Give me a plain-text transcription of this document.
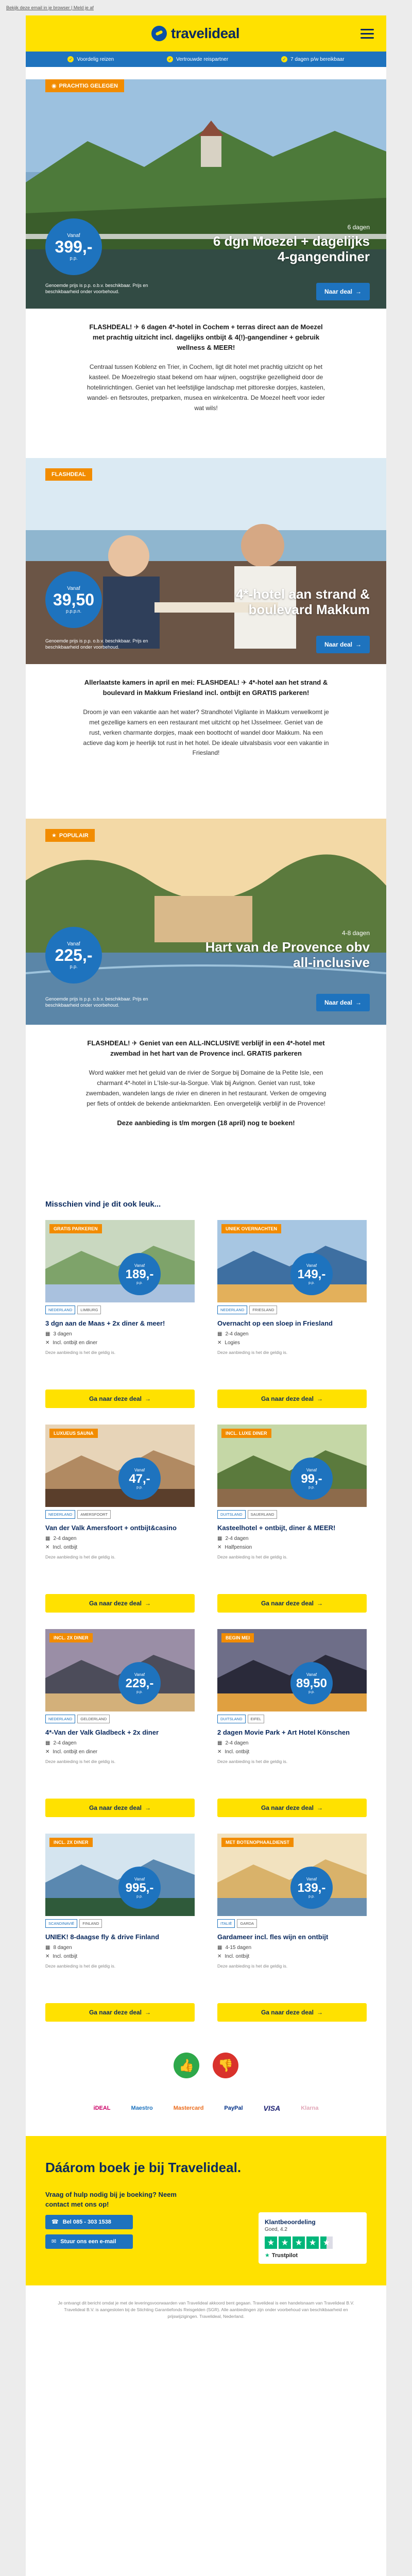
Bekijk deze email in je browser | Meld je af
travelideal
✓ Voordelig reizen	✓ Vertrouwde reispartner	✓ 7 dagen p/w bereikbaar
◉ PRACHTIG GELEGEN
Vanaf
399,-
p.p.
6 dagen
6 dgn Moezel + dagelijks 4-gangendiner
Genoemde prijs is p.p. o.b.v. beschikbaar. Prijs en beschikbaarheid onder voorbehoud.	Naar deal →

FLASHDEAL! ✈ 6 dagen 4*-hotel in Cochem + terras direct aan de Moezel met prachtig uitzicht incl. dagelijks ontbijt & 4(!)-gangendiner + gebruik wellness & MEER!

Centraal tussen Koblenz en Trier, in Cochem, ligt dit hotel met prachtig uitzicht op het kasteel. De Moezelregio staat bekend om haar wijnen, oogstrijke gezelligheid door de hotelinrichtingen. Geniet van het leefstijlige landschap met pittoreske dorpjes, kastelen, wandel- en fietsroutes, pretparken, musea en winkelcentra. De Moezel heeft voor ieder wat wils!

FLASHDEAL
Vanaf
39,50
p.p.p.n.
4*-hotel aan strand & boulevard Makkum
Genoemde prijs is p.p. o.b.v. beschikbaar. Prijs en beschikbaarheid onder voorbehoud.	Naar deal →

Allerlaatste kamers in april en mei: FLASHDEAL! ✈ 4*-hotel aan het strand & boulevard in Makkum Friesland incl. ontbijt en GRATIS parkeren!

Droom je van een vakantie aan het water? Strandhotel Vigilante in Makkum verwelkomt je met gezellige kamers en een restaurant met uitzicht op het IJsselmeer. Geniet van de rust, verken charmante dorpjes, maak een boottocht of wandel door Makkum. Na een actieve dag kom je heerlijk tot rust in het hotel. De ideale uitvalsbasis voor een vakantie in Friesland!

★ POPULAIR
Vanaf
225,-
p.p.
4-8 dagen
Hart van de Provence obv all-inclusive
Genoemde prijs is p.p. o.b.v. beschikbaar. Prijs en beschikbaarheid onder voorbehoud.	Naar deal →

FLASHDEAL! ✈ Geniet van een ALL-INCLUSIVE verblijf in een 4*-hotel met zwembad in het hart van de Provence incl. GRATIS parkeren

Word wakker met het geluid van de rivier de Sorgue bij Domaine de la Petite Isle, een charmant 4*-hotel in L'Isle-sur-la-Sorgue. Vlak bij Avignon. Geniet van rust, toke zwembaden, wandelen langs de rivier en dineren in het restaurant. Verken de omgeving per fiets of ontdek de bekende antiekmarkten. Een onvergetelijk verblijf in de Provence!

Deze aanbieding is t/m morgen (18 april) nog te boeken!

Misschien vind je dit ook leuk...
GRATIS PARKEREN
Vanaf
189,-
p.p.
NEDERLAND	LIMBURG
3 dgn aan de Maas + 2x diner & meer!
▦ 3 dagen
✕ Incl. ontbijt en diner
Deze aanbieding is het die geldig is.
Ga naar deze deal →
UNIEK OVERNACHTEN
Vanaf
149,-
p.p.
NEDERLAND	FRIESLAND
Overnacht op een sloep in Friesland
▦ 2-4 dagen
✕ Logies
Deze aanbieding is het die geldig is.
Ga naar deze deal →
LUXUEUS SAUNA
Vanaf
47,-
p.p.
NEDERLAND	AMERSFOORT
Van der Valk Amersfoort + ontbijt&casino
▦ 2-4 dagen
✕ Incl. ontbijt
Deze aanbieding is het die geldig is.
Ga naar deze deal →
INCL. LUXE DINER
Vanaf
99,-
p.p.
DUITSLAND	SAUERLAND
Kasteelhotel + ontbijt, diner & MEER!
▦ 2-4 dagen
✕ Halfpension
Deze aanbieding is het die geldig is.
Ga naar deze deal →
INCL. 2X DINER
Vanaf
229,-
p.p.
NEDERLAND	GELDERLAND
4*-Van der Valk Gladbeck + 2x diner
▦ 2-4 dagen
✕ Incl. ontbijt en diner
Deze aanbieding is het die geldig is.
Ga naar deze deal →
BEGIN MEI
Vanaf
89,50
p.p.
DUITSLAND	EIFEL
2 dagen Movie Park + Art Hotel Könschen
▦ 2-4 dagen
✕ Incl. ontbijt
Deze aanbieding is het die geldig is.
Ga naar deze deal →
INCL. 2X DINER
Vanaf
995,-
p.p.
SCANDINAVIË	FINLAND
UNIEK! 8-daagse fly & drive Finland
▦ 8 dagen
✕ Incl. ontbijt
Deze aanbieding is het die geldig is.
Ga naar deze deal →
MET BOTENOPHAALDIENST
Vanaf
139,-
p.p.
ITALIË	GARDA
Gardameer incl. fles wijn en ontbijt
▦ 4-15 dagen
✕ Incl. ontbijt
Deze aanbieding is het die geldig is.
Ga naar deze deal →
👍	👎
iDEAL	Maestro	Mastercard	PayPal	VISA	Klarna
Dáárom boek je bij Travelideal.

Vraag of hulp nodig bij je boeking? Neem contact met ons op!

☎ Bel 085 - 303 1538
✉ Stuur ons een e-mail
Klantbeoordeling
Goed, 4.2
★ ★ ★ ★ ★
★ Trustpilot

Je ontvangt dit bericht omdat je met de leveringsvoorwaarden van Travelideal akkoord bent gegaan. Travelideal is een handelsnaam van Travelideal B.V. Travelideal B.V. is aangesloten bij de Stichting Garantiefonds Reisgelden (SGR). Alle aanbiedingen zijn onder voorbehoud van beschikbaarheid en prijswijzigingen. Travelideal, Nederland.
